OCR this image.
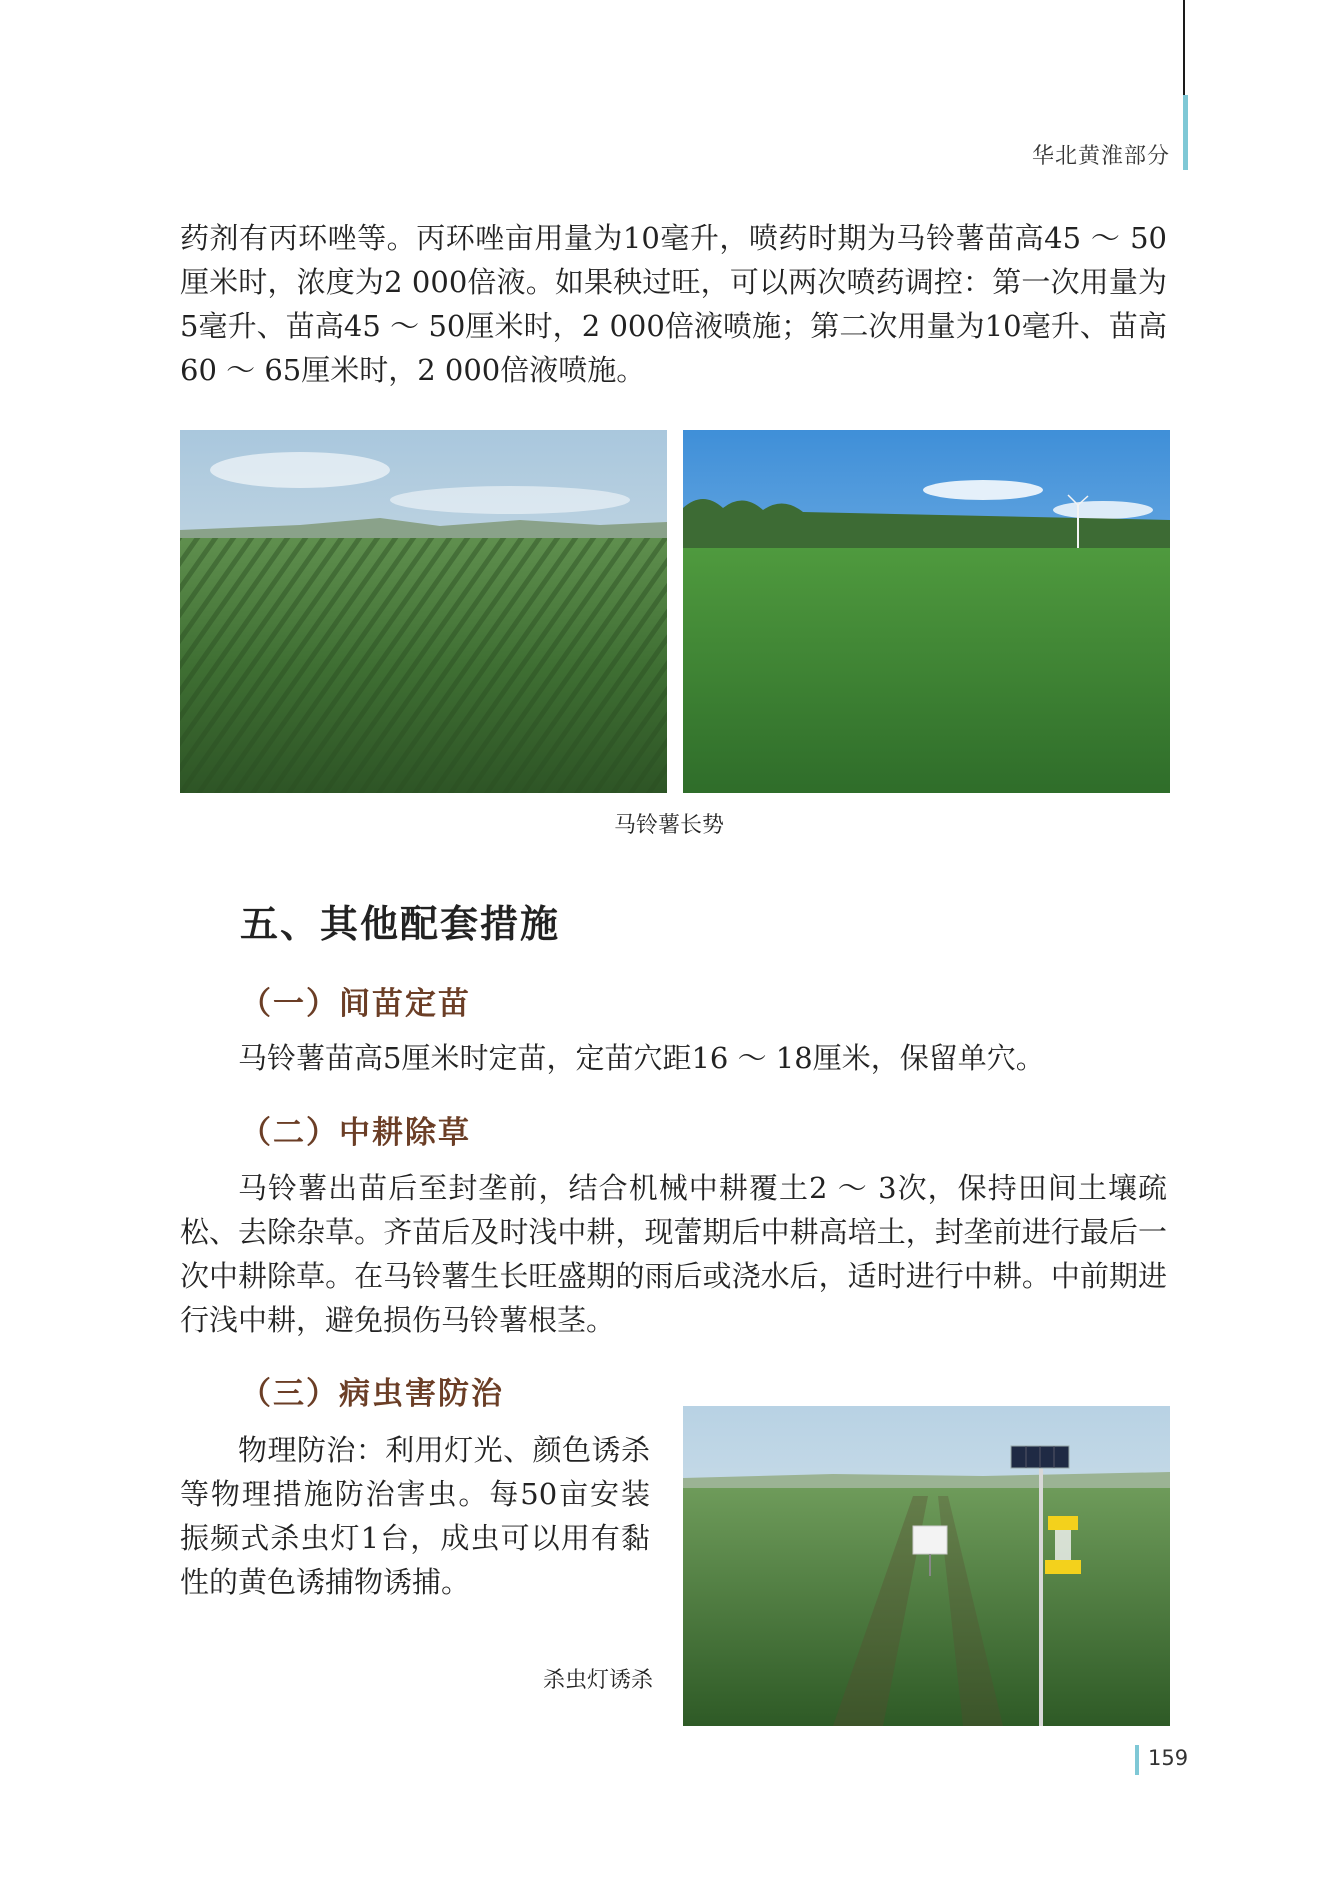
华北黄淮部分
药剂有丙环唑等。丙环唑亩用量为10毫升，喷药时期为马铃薯苗高45 ～ 50厘米时，浓度为2 000倍液。如果秧过旺，可以两次喷药调控：第一次用量为5毫升、苗高45 ～ 50厘米时，2 000倍液喷施；第二次用量为10毫升、苗高60 ～ 65厘米时，2 000倍液喷施。
马铃薯长势
五、其他配套措施
（一）间苗定苗
马铃薯苗高5厘米时定苗，定苗穴距16 ～ 18厘米，保留单穴。
（二）中耕除草
马铃薯出苗后至封垄前，结合机械中耕覆土2 ～ 3次，保持田间土壤疏松、去除杂草。齐苗后及时浅中耕，现蕾期后中耕高培土，封垄前进行最后一次中耕除草。在马铃薯生长旺盛期的雨后或浇水后，适时进行中耕。中前期进行浅中耕，避免损伤马铃薯根茎。
（三）病虫害防治
物理防治：利用灯光、颜色诱杀等物理措施防治害虫。每50亩安装振频式杀虫灯1台，成虫可以用有黏性的黄色诱捕物诱捕。
杀虫灯诱杀
159
